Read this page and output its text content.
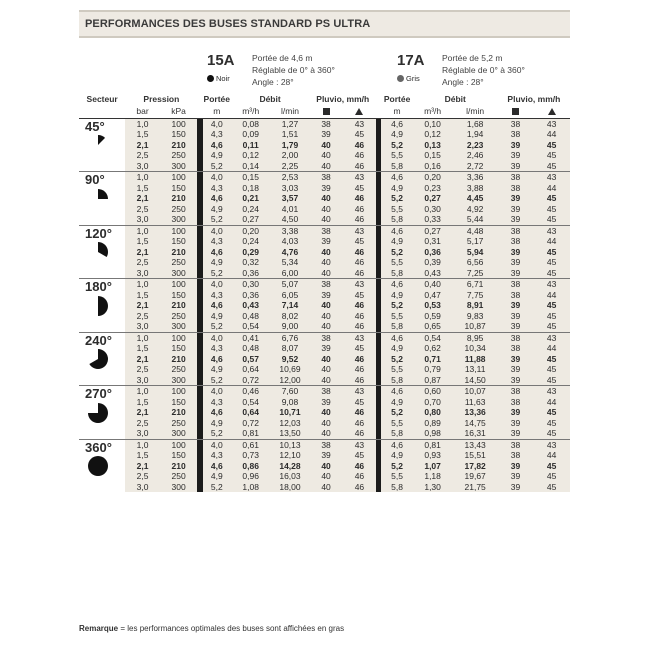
PERFORMANCES DES BUSES STANDARD PS ULTRA
15A
Noir
Portée de 4,6 m
Réglable de 0° à 360°
Angle : 28°
17A
Gris
Portée de 5,2 m
Réglable de 0° à 360°
Angle : 28°
Secteur	Pression			Portée	Débit		Pluvio, mm/h			Portée	Débit		Pluvio, mm/h	
	bar	kPa		m	m³/h	l/min				m	m³/h	l/min		

45°	1,0	100		4,0	0,08	1,27	38	43		4,6	0,10	1,68	38	43
	1,5	150		4,3	0,09	1,51	39	45		4,9	0,12	1,94	38	44
	2,1	210		4,6	0,11	1,79	40	46		5,2	0,13	2,23	39	45
	2,5	250		4,9	0,12	2,00	40	46		5,5	0,15	2,46	39	45
	3,0	300		5,2	0,14	2,25	40	46		5,8	0,16	2,72	39	45

90°	1,0	100		4,0	0,15	2,53	38	43		4,6	0,20	3,36	38	43
	1,5	150		4,3	0,18	3,03	39	45		4,9	0,23	3,88	38	44
	2,1	210		4,6	0,21	3,57	40	46		5,2	0,27	4,45	39	45
	2,5	250		4,9	0,24	4,01	40	46		5,5	0,30	4,92	39	45
	3,0	300		5,2	0,27	4,50	40	46		5,8	0,33	5,44	39	45

120°	1,0	100		4,0	0,20	3,38	38	43		4,6	0,27	4,48	38	43
	1,5	150		4,3	0,24	4,03	39	45		4,9	0,31	5,17	38	44
	2,1	210		4,6	0,29	4,76	40	46		5,2	0,36	5,94	39	45
	2,5	250		4,9	0,32	5,34	40	46		5,5	0,39	6,56	39	45
	3,0	300		5,2	0,36	6,00	40	46		5,8	0,43	7,25	39	45

180°	1,0	100		4,0	0,30	5,07	38	43		4,6	0,40	6,71	38	43
	1,5	150		4,3	0,36	6,05	39	45		4,9	0,47	7,75	38	44
	2,1	210		4,6	0,43	7,14	40	46		5,2	0,53	8,91	39	45
	2,5	250		4,9	0,48	8,02	40	46		5,5	0,59	9,83	39	45
	3,0	300		5,2	0,54	9,00	40	46		5,8	0,65	10,87	39	45

240°	1,0	100		4,0	0,41	6,76	38	43		4,6	0,54	8,95	38	43
	1,5	150		4,3	0,48	8,07	39	45		4,9	0,62	10,34	38	44
	2,1	210		4,6	0,57	9,52	40	46		5,2	0,71	11,88	39	45
	2,5	250		4,9	0,64	10,69	40	46		5,5	0,79	13,11	39	45
	3,0	300		5,2	0,72	12,00	40	46		5,8	0,87	14,50	39	45

270°	1,0	100		4,0	0,46	7,60	38	43		4,6	0,60	10,07	38	43
	1,5	150		4,3	0,54	9,08	39	45		4,9	0,70	11,63	38	44
	2,1	210		4,6	0,64	10,71	40	46		5,2	0,80	13,36	39	45
	2,5	250		4,9	0,72	12,03	40	46		5,5	0,89	14,75	39	45
	3,0	300		5,2	0,81	13,50	40	46		5,8	0,98	16,31	39	45

360°	1,0	100		4,0	0,61	10,13	38	43		4,6	0,81	13,43	38	43
	1,5	150		4,3	0,73	12,10	39	45		4,9	0,93	15,51	38	44
	2,1	210		4,6	0,86	14,28	40	46		5,2	1,07	17,82	39	45
	2,5	250		4,9	0,96	16,03	40	46		5,5	1,18	19,67	39	45
	3,0	300		5,2	1,08	18,00	40	46		5,8	1,30	21,75	39	45
Remarque = les performances optimales des buses sont affichées en gras
